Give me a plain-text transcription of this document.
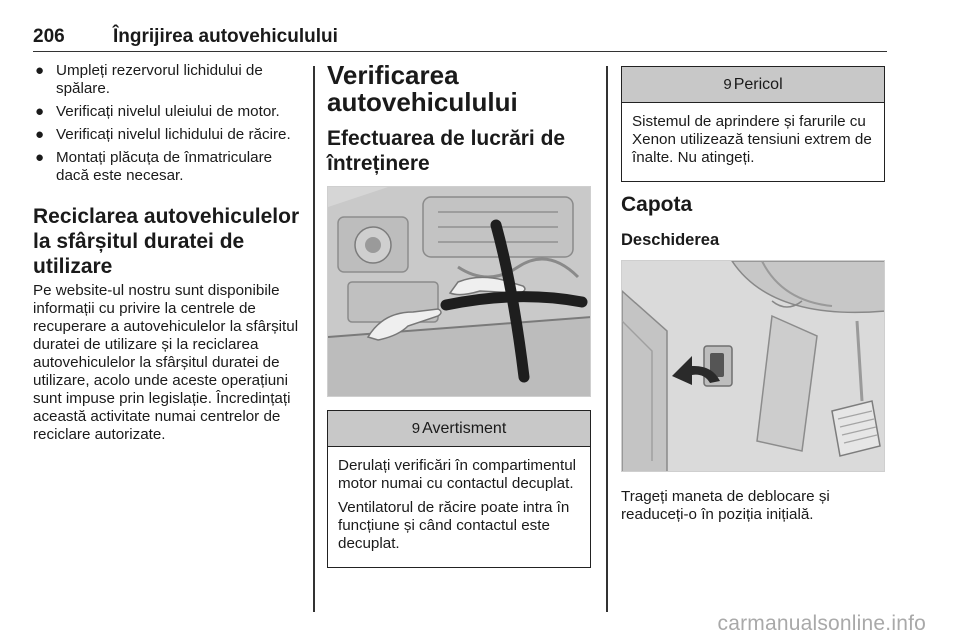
206	Îngrijirea autovehiculului
● Umpleți rezervorul lichidului de spălare.
● Verificați nivelul uleiului de motor.
● Verificați nivelul lichidului de răcire.
● Montați plăcuța de înmatriculare dacă este necesar.
Reciclarea autovehiculelor la sfârșitul duratei de utilizare

Pe website-ul nostru sunt disponibile informații cu privire la centrele de recuperare a autovehiculelor la sfârșitul duratei de utilizare și la reciclarea autovehiculelor la sfârșitul duratei de utilizare, acolo unde aceste operațiuni sunt impuse prin legislație. Încredințați această activitate numai centrelor de reciclare autorizate.

Verificarea autovehiculului
Efectuarea de lucrări de întreținere
9 Avertisment

Derulați verificări în compartimentul motor numai cu contactul decuplat.

Ventilatorul de răcire poate intra în funcțiune și când contactul este decuplat.

9 Pericol

Sistemul de aprindere și farurile cu Xenon utilizează tensiuni extrem de înalte. Nu atingeți.

Capota
Deschiderea

Trageți maneta de deblocare și readuceți-o în poziția inițială.

carmanualsonline.info
